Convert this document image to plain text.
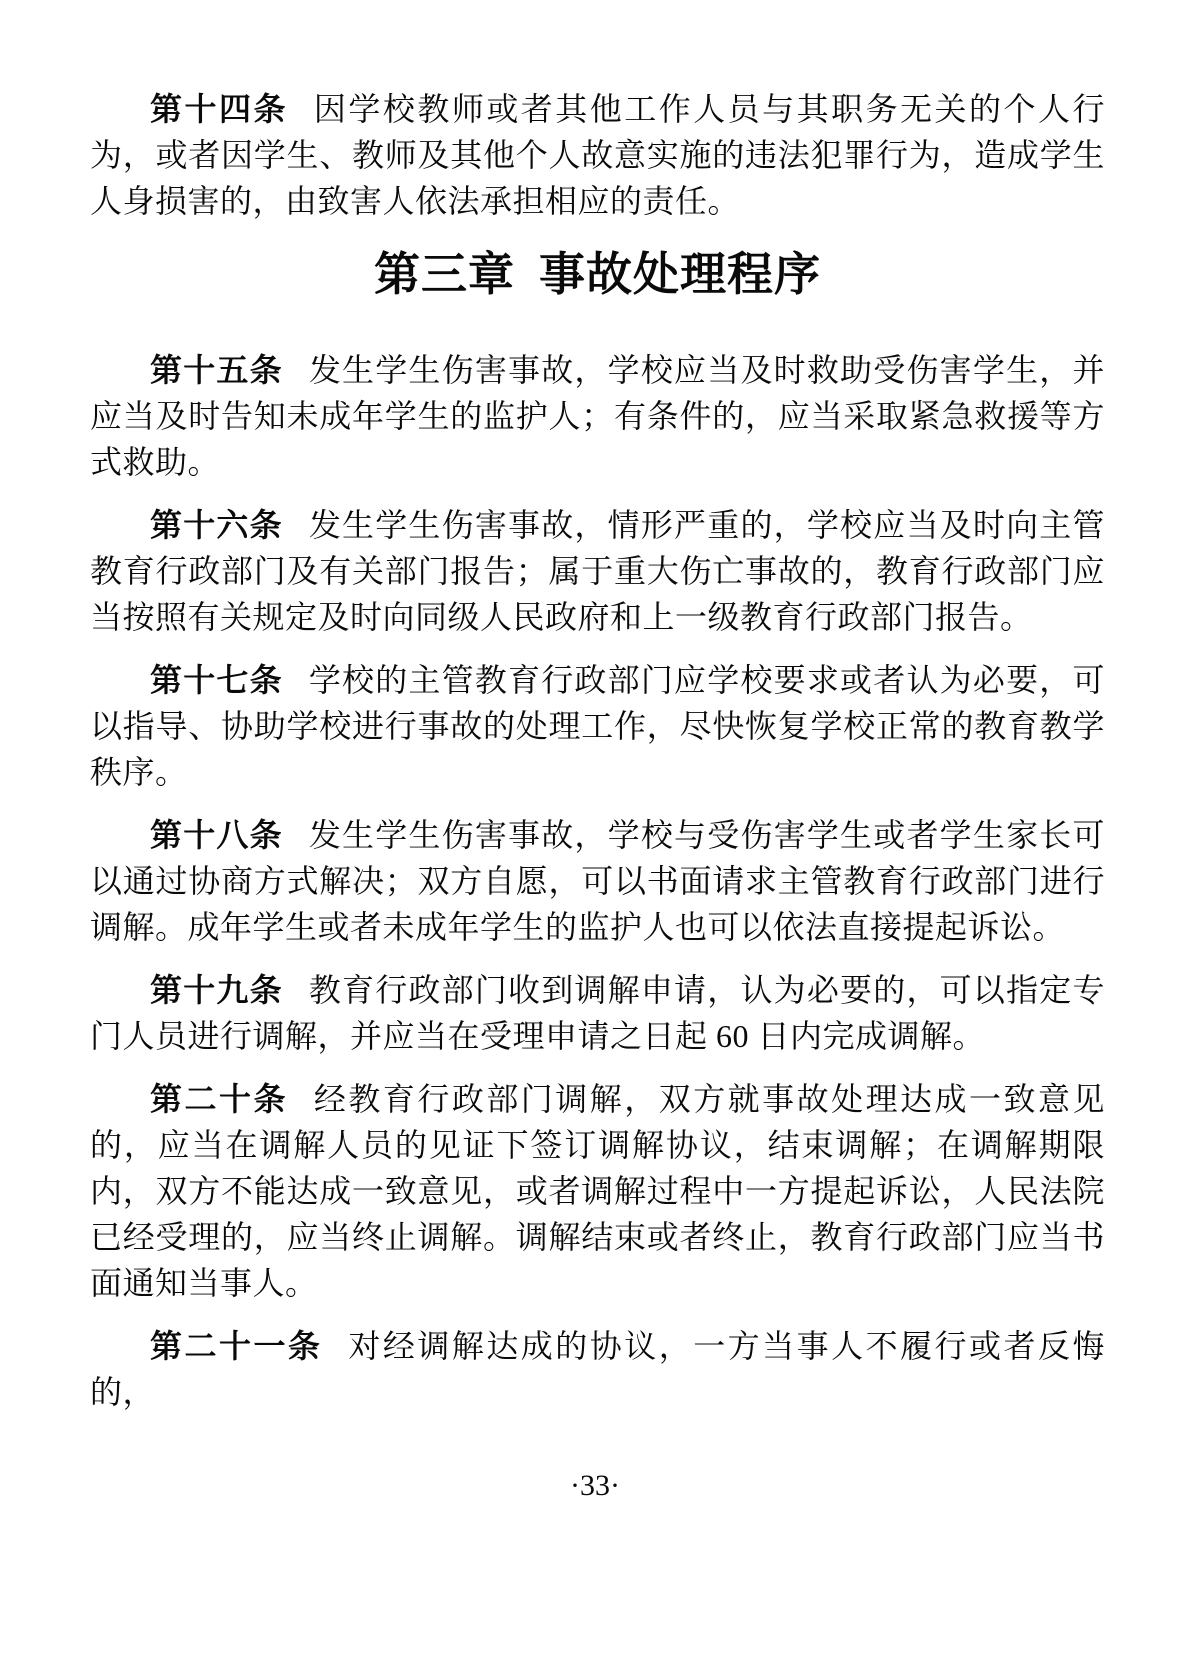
第十四条 因学校教师或者其他工作人员与其职务无关的个人行为，或者因学生、教师及其他个人故意实施的违法犯罪行为，造成学生人身损害的，由致害人依法承担相应的责任。

第三章 事故处理程序

第十五条 发生学生伤害事故，学校应当及时救助受伤害学生，并应当及时告知未成年学生的监护人；有条件的，应当采取紧急救援等方式救助。

第十六条 发生学生伤害事故，情形严重的，学校应当及时向主管教育行政部门及有关部门报告；属于重大伤亡事故的，教育行政部门应当按照有关规定及时向同级人民政府和上一级教育行政部门报告。

第十七条 学校的主管教育行政部门应学校要求或者认为必要，可以指导、协助学校进行事故的处理工作，尽快恢复学校正常的教育教学秩序。

第十八条 发生学生伤害事故，学校与受伤害学生或者学生家长可以通过协商方式解决；双方自愿，可以书面请求主管教育行政部门进行调解。成年学生或者未成年学生的监护人也可以依法直接提起诉讼。

第十九条 教育行政部门收到调解申请，认为必要的，可以指定专门人员进行调解，并应当在受理申请之日起 60 日内完成调解。

第二十条 经教育行政部门调解，双方就事故处理达成一致意见的，应当在调解人员的见证下签订调解协议，结束调解；在调解期限内，双方不能达成一致意见，或者调解过程中一方提起诉讼，人民法院已经受理的，应当终止调解。调解结束或者终止，教育行政部门应当书面通知当事人。

第二十一条 对经调解达成的协议，一方当事人不履行或者反悔的，

·33·
